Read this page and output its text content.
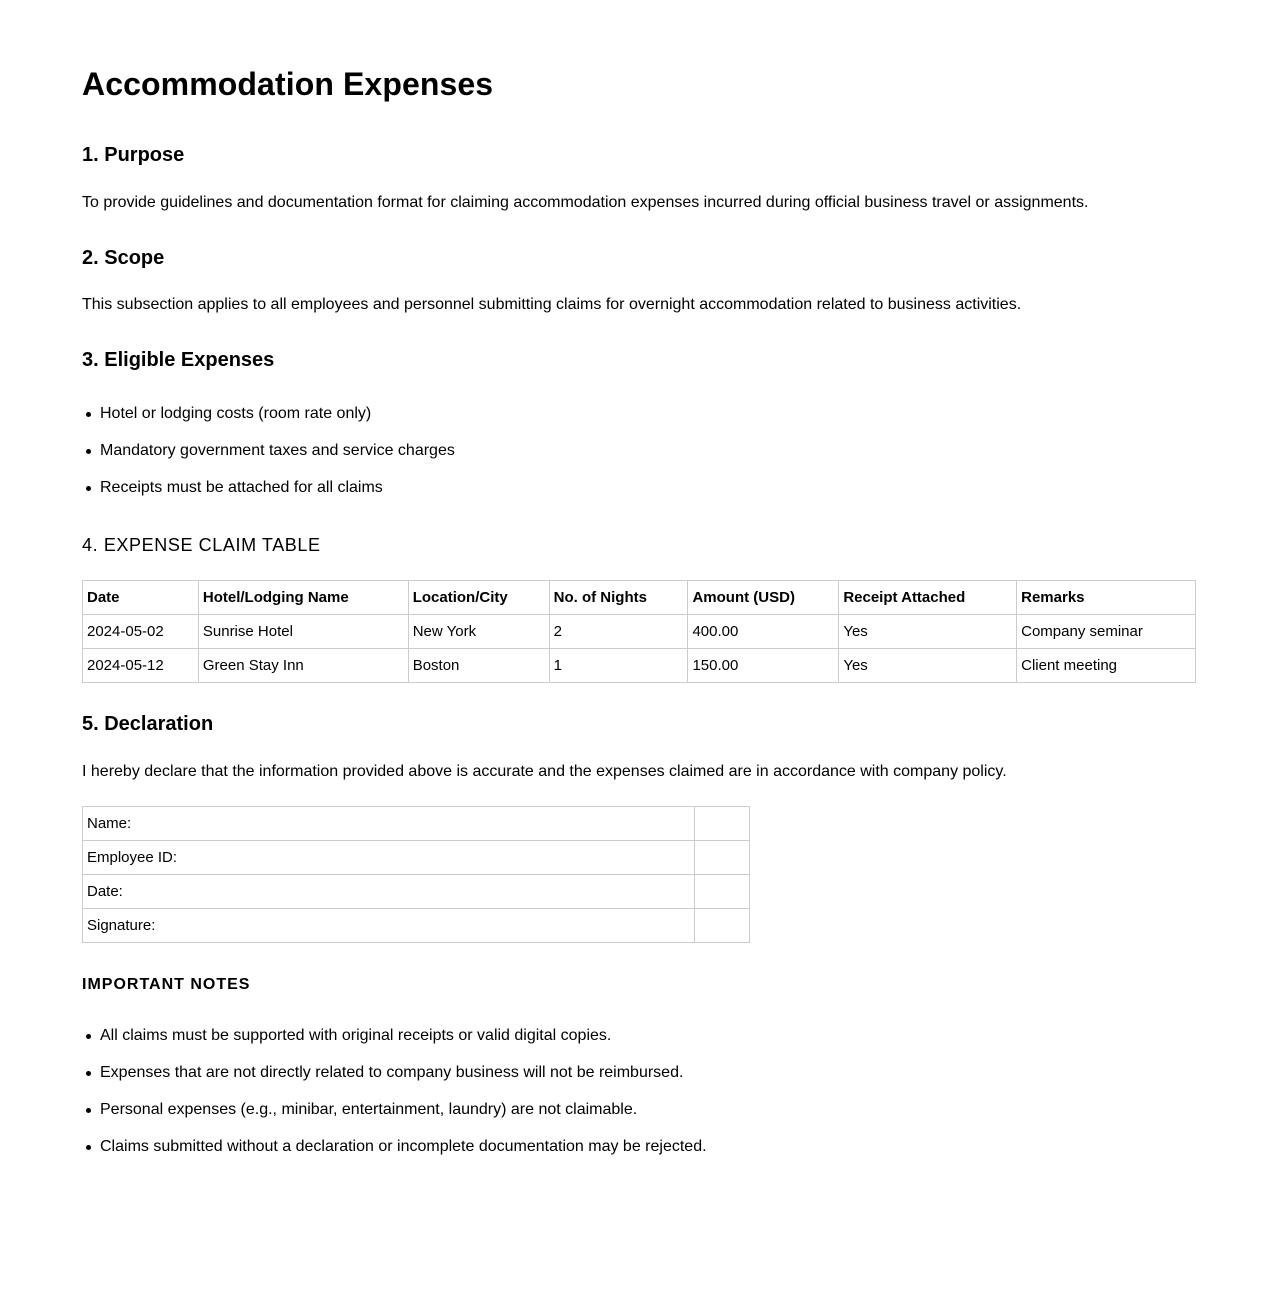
Accommodation Expenses
1. Purpose

To provide guidelines and documentation format for claiming accommodation expenses incurred during official business travel or assignments.

2. Scope

This subsection applies to all employees and personnel submitting claims for overnight accommodation related to business activities.

3. Eligible Expenses
Hotel or lodging costs (room rate only)
Mandatory government taxes and service charges
Receipts must be attached for all claims
4. EXPENSE CLAIM TABLE
Date	Hotel/Lodging Name	Location/City	No. of Nights	Amount (USD)	Receipt Attached	Remarks
2024-05-02	Sunrise Hotel	New York	2	400.00	Yes	Company seminar
2024-05-12	Green Stay Inn	Boston	1	150.00	Yes	Client meeting
5. Declaration

I hereby declare that the information provided above is accurate and the expenses claimed are in accordance with company policy.

Name:	
Employee ID:	
Date:	
Signature:	
IMPORTANT NOTES
All claims must be supported with original receipts or valid digital copies.
Expenses that are not directly related to company business will not be reimbursed.
Personal expenses (e.g., minibar, entertainment, laundry) are not claimable.
Claims submitted without a declaration or incomplete documentation may be rejected.
